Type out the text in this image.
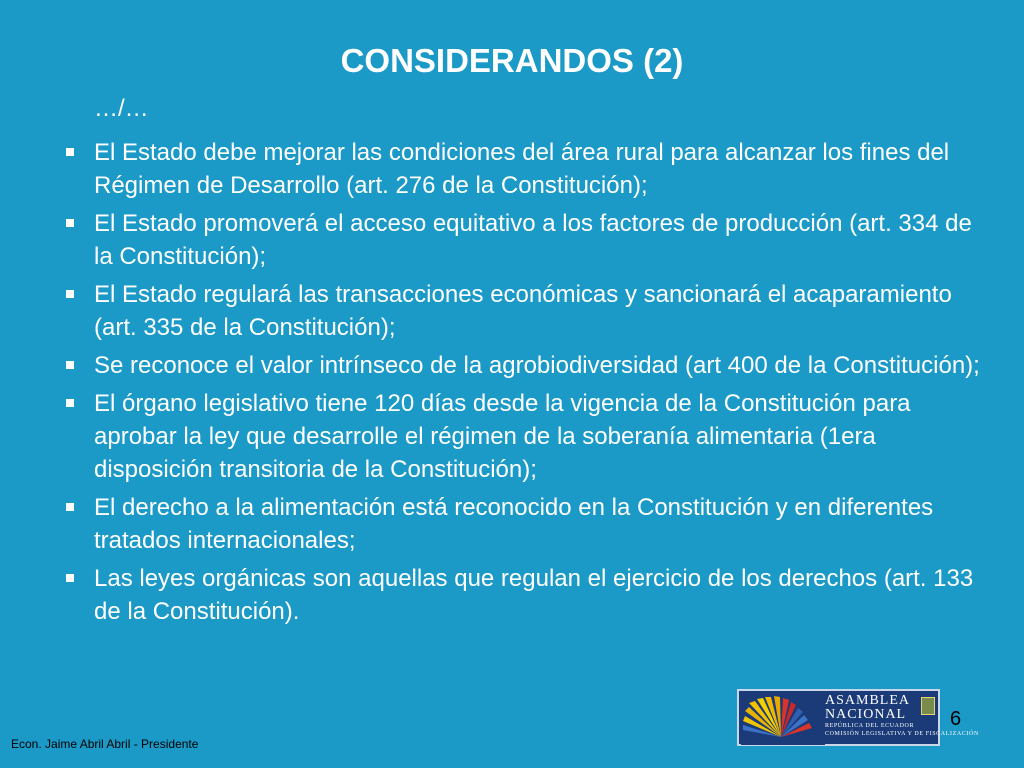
CONSIDERANDOS (2)
…/…
El Estado debe mejorar las condiciones del área rural para alcanzar los fines del Régimen de Desarrollo (art. 276 de la Constitución);
El Estado promoverá el acceso equitativo a los factores de producción (art. 334 de la Constitución);
El Estado regulará las transacciones económicas y sancionará el acaparamiento (art. 335 de la Constitución);
Se reconoce el valor intrínseco de la agrobiodiversidad (art 400 de la Constitución);
El órgano legislativo tiene 120 días desde la vigencia de la Constitución para aprobar la ley que desarrolle el régimen de la soberanía alimentaria (1era disposición transitoria de la Constitución);
El derecho a la alimentación está reconocido en la Constitución y en diferentes tratados internacionales;
Las leyes orgánicas son aquellas que regulan el ejercicio de los derechos (art. 133 de la Constitución).
ASAMBLEA
NACIONAL
REPÚBLICA DEL ECUADOR
COMISIÓN LEGISLATIVA Y DE FISCALIZACIÓN
6
Econ. Jaime Abril Abril - Presidente
